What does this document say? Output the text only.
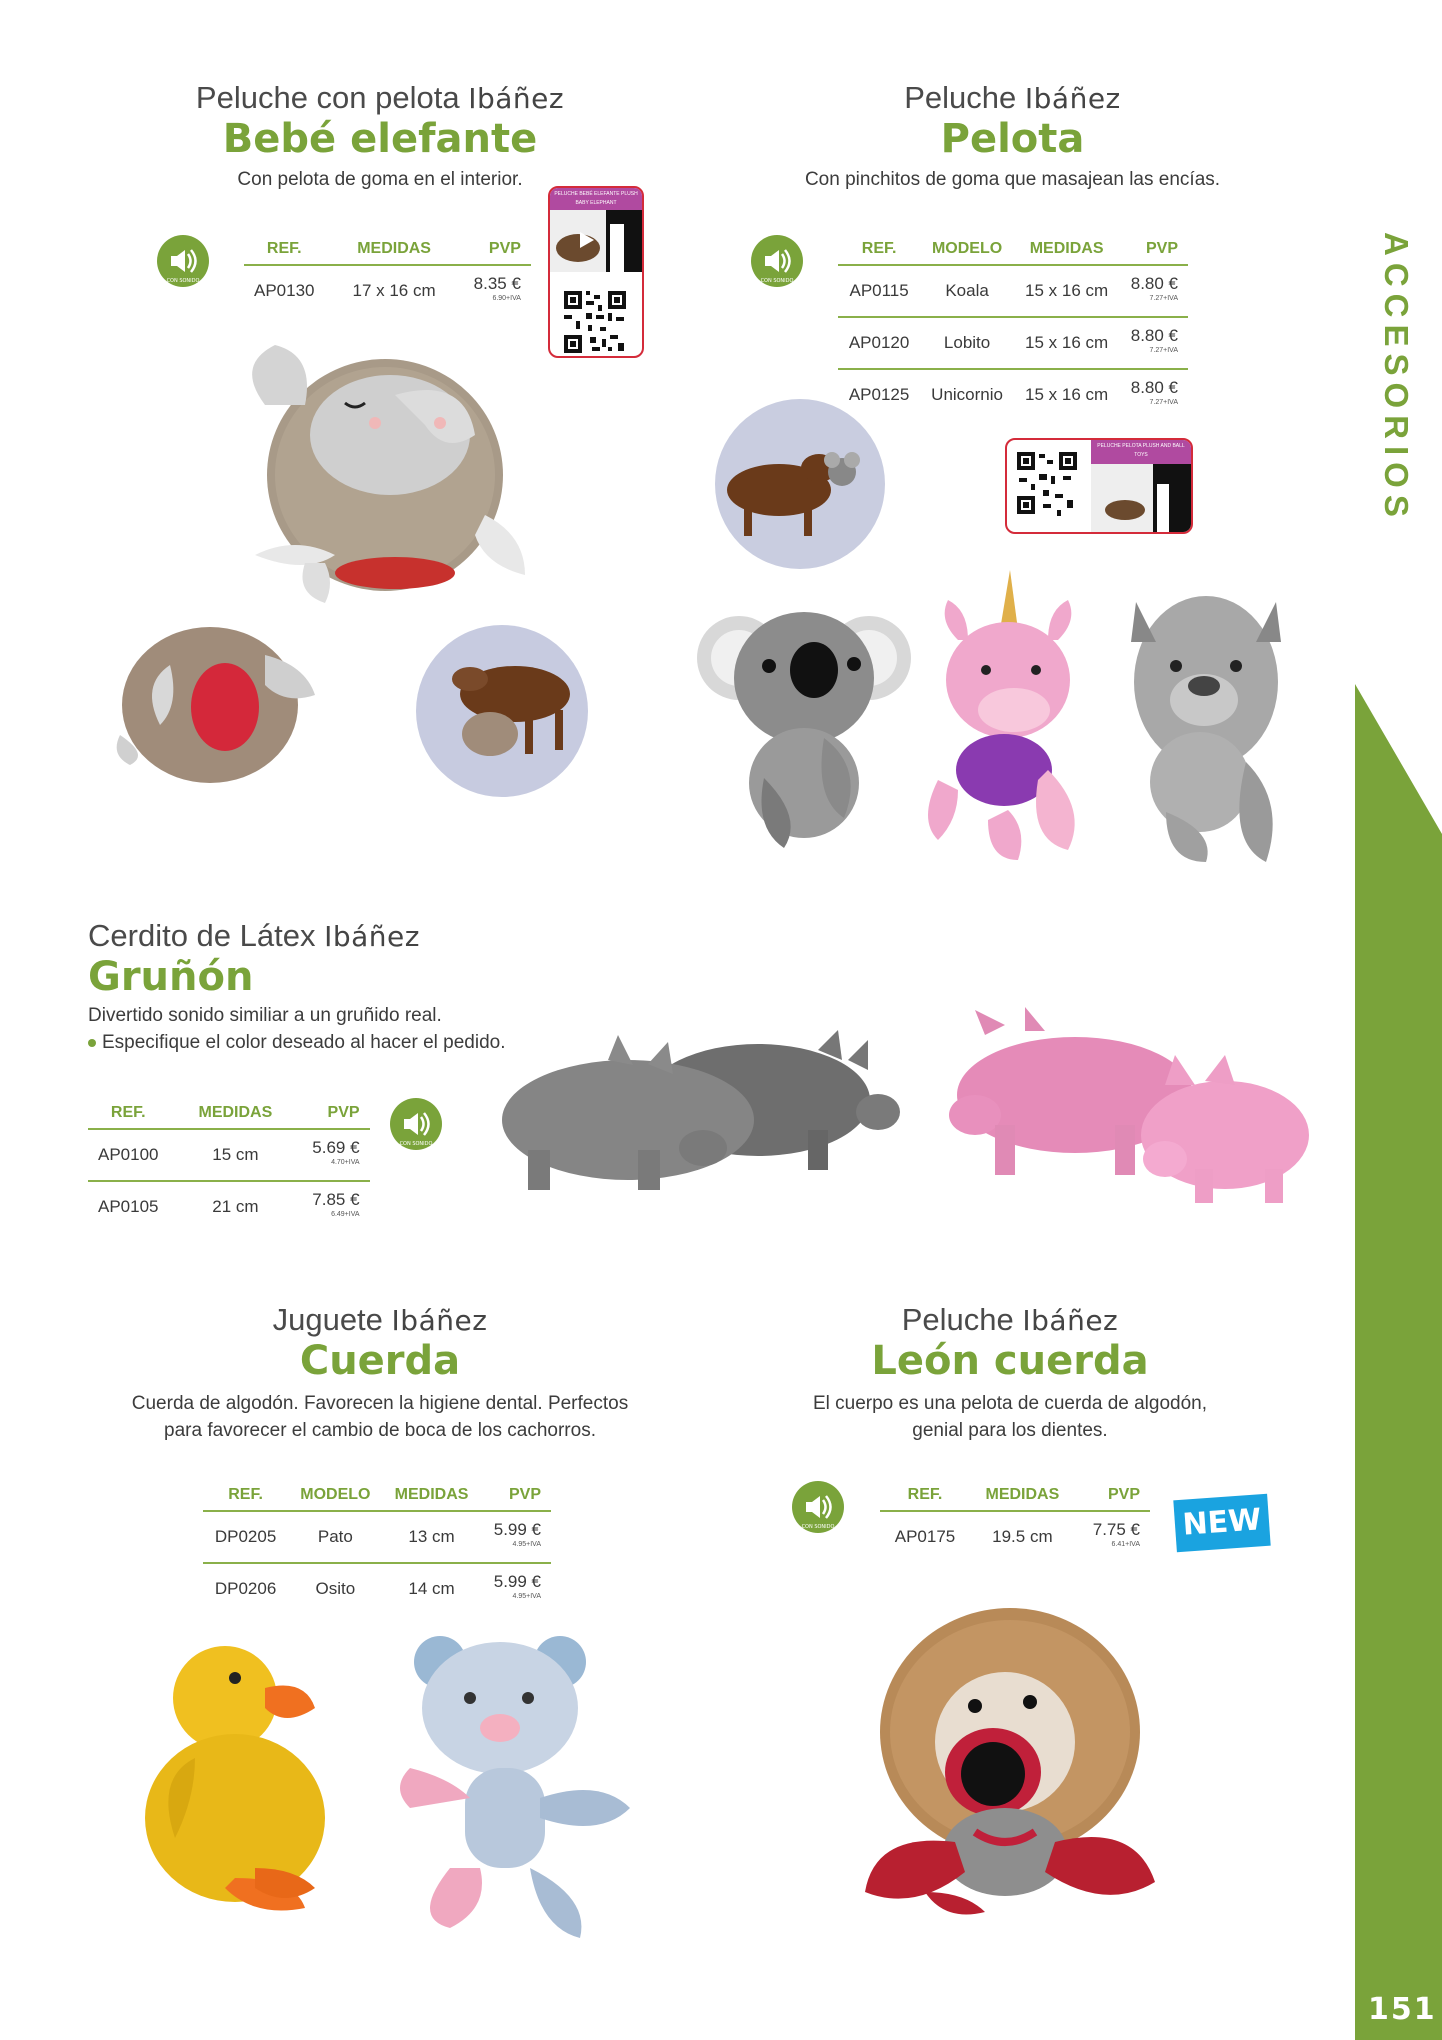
ACCESORIOS
151
Peluche con pelota Ibáñez
Bebé elefante
Con pelota de goma en el interior.
CON SONIDO
REF.	MEDIDAS	PVP
AP0130	17 x 16 cm	8.35 €
6.90+IVA
PELUCHE BEBÉ ELEFANTE PLUSH BABY ELEPHANT

Peluche Ibáñez
Pelota
Con pinchitos de goma que masajean las encías.
CON SONIDO
REF.	MODELO	MEDIDAS	PVP
AP0115	Koala	15 x 16 cm	8.80 €
7.27+IVA

AP0120	Lobito	15 x 16 cm	8.80 €
7.27+IVA

AP0125	Unicornio	15 x 16 cm	8.80 €
7.27+IVA
PELUCHE PELOTA PLUSH AND BALL TOYS
Cerdito de Látex Ibáñez
Gruñón
Divertido sonido similiar a un gruñido real.
Especifique el color deseado al hacer el pedido.
REF.	MEDIDAS	PVP
AP0100	15 cm	5.69 €
4.70+IVA

AP0105	21 cm	7.85 €
6.49+IVA
CON SONIDO
Juguete Ibáñez
Cuerda
Cuerda de algodón. Favorecen la higiene dental. Perfectos
para favorecer el cambio de boca de los cachorros.
REF.	MODELO	MEDIDAS	PVP
DP0205	Pato	13 cm	5.99 €
4.95+IVA

DP0206	Osito	14 cm	5.99 €
4.95+IVA
Peluche Ibáñez
León cuerda
El cuerpo es una pelota de cuerda de algodón,
genial para los dientes.
CON SONIDO
REF.	MEDIDAS	PVP
AP0175	19.5 cm	7.75 €
6.41+IVA
NEW
